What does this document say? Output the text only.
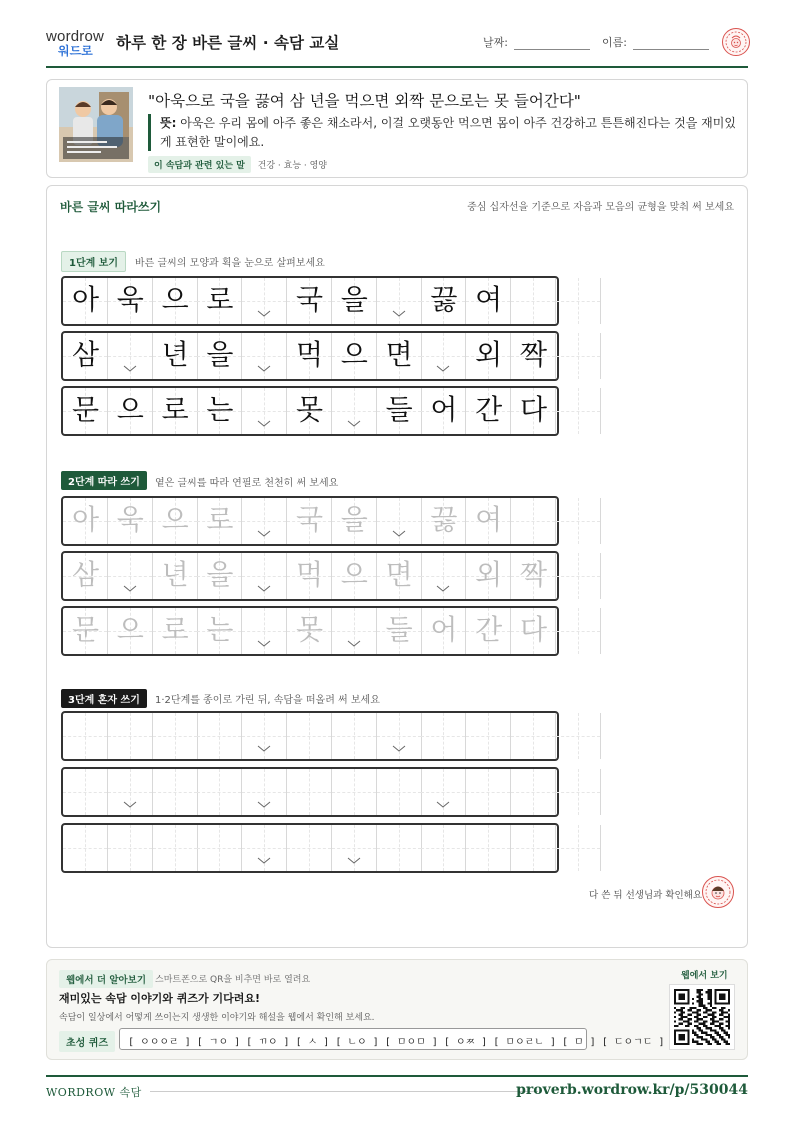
wordrow
워드로 하루 한 장 바른 글씨 · 속담 교실	날짜:	이름:
"아욱으로 국을 끓여 삼 년을 먹으면 외짝 문으로는 못 들어간다"
뜻: 아욱은 우리 몸에 아주 좋은 채소라서, 이걸 오랫동안 먹으면 몸이 아주 건강하고 튼튼해진다는 것을 재미있게 표현한 말이에요.
이 속담과 관련 있는 말 건강 · 효능 · 영양
바른 글씨 따라쓰기	중심 십자선을 기준으로 자음과 모음의 균형을 맞춰 써 보세요
1단계 보기	바른 글씨의 모양과 획을 눈으로 살펴보세요
2단계 따라 쓰기	옅은 글씨를 따라 연필로 천천히 써 보세요
3단계 혼자 쓰기	1·2단계를 종이로 가린 뒤, 속담을 떠올려 써 보세요
아 욱 으 로	국 을	끓 여
삼	년 을	먹 으 면	외 짝
문 으 로 는	못	들 어 간 다
아 욱 으 로	국 을	끓 여
삼	년 을	먹 으 면	외 짝
문 으 로 는	못	들 어 간 다
다 쓴 뒤 선생님과 확인해요
웹에서 더 알아보기 스마트폰으로 QR을 비추면 바로 열려요
재미있는 속담 이야기와 퀴즈가 기다려요!
속담이 일상에서 어떻게 쓰이는지 생생한 이야기와 해설을 웹에서 확인해 보세요.
초성 퀴즈	[ ㅇㅇㅇㄹ ] [ ㄱㅇ ] [ ㄲㅇ ] [ ㅅ ] [ ㄴㅇ ] [ ㅁㅇㅁ ] [ ㅇㅉ ] [ ㅁㅇㄹㄴ ] [ ㅁ ] [ ㄷㅇㄱㄷ ]
웹에서 보기
WORDROW 속담	proverb.wordrow.kr/p/530044
